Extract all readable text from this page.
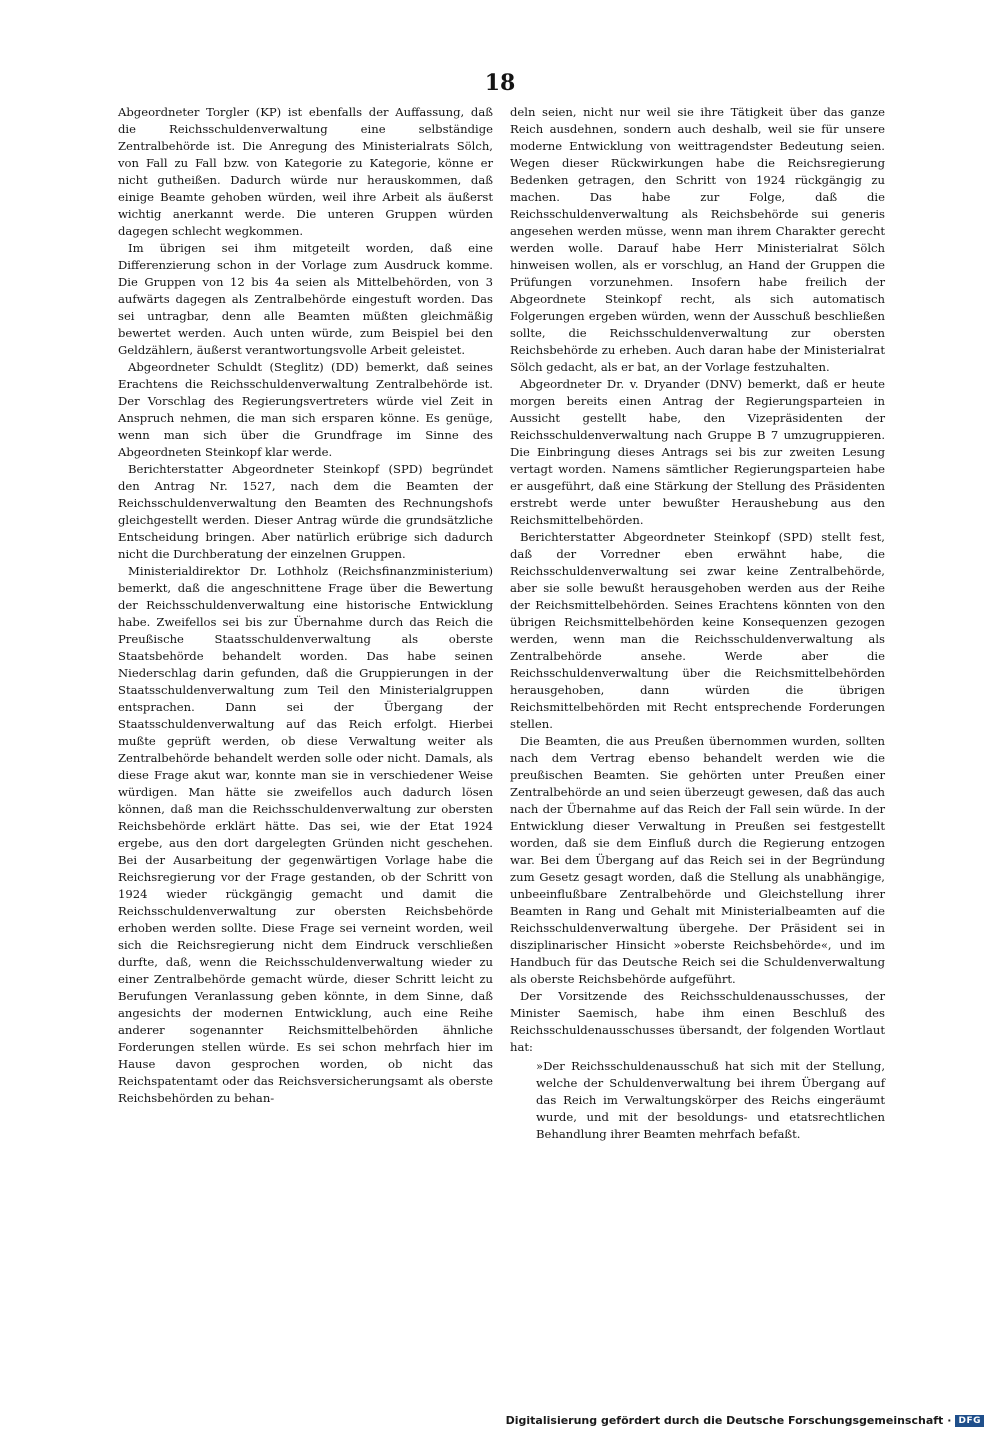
18

Abgeordneter Torgler (KP) ist ebenfalls der Auffassung, daß die Reichsschuldenverwaltung eine selbständige Zentralbehörde ist. Die Anregung des Ministerialrats Sölch, von Fall zu Fall bzw. von Kategorie zu Kategorie, könne er nicht gutheißen. Dadurch würde nur herauskommen, daß einige Beamte gehoben würden, weil ihre Arbeit als äußerst wichtig anerkannt werde. Die unteren Gruppen würden dagegen schlecht wegkommen.

Im übrigen sei ihm mitgeteilt worden, daß eine Differenzierung schon in der Vorlage zum Ausdruck komme. Die Gruppen von 12 bis 4a seien als Mittelbehörden, von 3 aufwärts dagegen als Zentralbehörde eingestuft worden. Das sei untragbar, denn alle Beamten müßten gleichmäßig bewertet werden. Auch unten würde, zum Beispiel bei den Geldzählern, äußerst verantwortungsvolle Arbeit geleistet.

Abgeordneter Schuldt (Steglitz) (DD) bemerkt, daß seines Erachtens die Reichsschuldenverwaltung Zentralbehörde ist. Der Vorschlag des Regierungsvertreters würde viel Zeit in Anspruch nehmen, die man sich ersparen könne. Es genüge, wenn man sich über die Grundfrage im Sinne des Abgeordneten Steinkopf klar werde.

Berichterstatter Abgeordneter Steinkopf (SPD) begründet den Antrag Nr. 1527, nach dem die Beamten der Reichsschuldenverwaltung den Beamten des Rechnungshofs gleichgestellt werden. Dieser Antrag würde die grundsätzliche Entscheidung bringen. Aber natürlich erübrige sich dadurch nicht die Durchberatung der einzelnen Gruppen.

Ministerialdirektor Dr. Lothholz (Reichsfinanzministerium) bemerkt, daß die angeschnittene Frage über die Bewertung der Reichsschuldenverwaltung eine historische Entwicklung habe. Zweifellos sei bis zur Übernahme durch das Reich die Preußische Staatsschuldenverwaltung als oberste Staatsbehörde behandelt worden. Das habe seinen Niederschlag darin gefunden, daß die Gruppierungen in der Staatsschuldenverwaltung zum Teil den Ministerialgruppen entsprachen. Dann sei der Übergang der Staatsschuldenverwaltung auf das Reich erfolgt. Hierbei mußte geprüft werden, ob diese Verwaltung weiter als Zentralbehörde behandelt werden solle oder nicht. Damals, als diese Frage akut war, konnte man sie in verschiedener Weise würdigen. Man hätte sie zweifellos auch dadurch lösen können, daß man die Reichsschuldenverwaltung zur obersten Reichsbehörde erklärt hätte. Das sei, wie der Etat 1924 ergebe, aus den dort dargelegten Gründen nicht geschehen. Bei der Ausarbeitung der gegenwärtigen Vorlage habe die Reichsregierung vor der Frage gestanden, ob der Schritt von 1924 wieder rückgängig gemacht und damit die Reichsschuldenverwaltung zur obersten Reichsbehörde erhoben werden sollte. Diese Frage sei verneint worden, weil sich die Reichsregierung nicht dem Eindruck verschließen durfte, daß, wenn die Reichsschuldenverwaltung wieder zu einer Zentralbehörde gemacht würde, dieser Schritt leicht zu Berufungen Veranlassung geben könnte, in dem Sinne, daß angesichts der modernen Entwicklung, auch eine Reihe anderer sogenannter Reichsmittelbehörden ähnliche Forderungen stellen würde. Es sei schon mehrfach hier im Hause davon gesprochen worden, ob nicht das Reichspatentamt oder das Reichsversicherungsamt als oberste Reichsbehörden zu behan-

deln seien, nicht nur weil sie ihre Tätigkeit über das ganze Reich ausdehnen, sondern auch deshalb, weil sie für unsere moderne Entwicklung von weittragendster Bedeutung seien. Wegen dieser Rückwirkungen habe die Reichsregierung Bedenken getragen, den Schritt von 1924 rückgängig zu machen. Das habe zur Folge, daß die Reichsschuldenverwaltung als Reichsbehörde sui generis angesehen werden müsse, wenn man ihrem Charakter gerecht werden wolle. Darauf habe Herr Ministerialrat Sölch hinweisen wollen, als er vorschlug, an Hand der Gruppen die Prüfungen vorzunehmen. Insofern habe freilich der Abgeordnete Steinkopf recht, als sich automatisch Folgerungen ergeben würden, wenn der Ausschuß beschließen sollte, die Reichsschuldenverwaltung zur obersten Reichsbehörde zu erheben. Auch daran habe der Ministerialrat Sölch gedacht, als er bat, an der Vorlage festzuhalten.

Abgeordneter Dr. v. Dryander (DNV) bemerkt, daß er heute morgen bereits einen Antrag der Regierungsparteien in Aussicht gestellt habe, den Vizepräsidenten der Reichsschuldenverwaltung nach Gruppe B 7 umzugruppieren. Die Einbringung dieses Antrags sei bis zur zweiten Lesung vertagt worden. Namens sämtlicher Regierungsparteien habe er ausgeführt, daß eine Stärkung der Stellung des Präsidenten erstrebt werde unter bewußter Heraushebung aus den Reichsmittelbehörden.

Berichterstatter Abgeordneter Steinkopf (SPD) stellt fest, daß der Vorredner eben erwähnt habe, die Reichsschuldenverwaltung sei zwar keine Zentralbehörde, aber sie solle bewußt herausgehoben werden aus der Reihe der Reichsmittelbehörden. Seines Erachtens könnten von den übrigen Reichsmittelbehörden keine Konsequenzen gezogen werden, wenn man die Reichsschuldenverwaltung als Zentralbehörde ansehe. Werde aber die Reichsschuldenverwaltung über die Reichsmittelbehörden herausgehoben, dann würden die übrigen Reichsmittelbehörden mit Recht entsprechende Forderungen stellen.

Die Beamten, die aus Preußen übernommen wurden, sollten nach dem Vertrag ebenso behandelt werden wie die preußischen Beamten. Sie gehörten unter Preußen einer Zentralbehörde an und seien überzeugt gewesen, daß das auch nach der Übernahme auf das Reich der Fall sein würde. In der Entwicklung dieser Verwaltung in Preußen sei festgestellt worden, daß sie dem Einfluß durch die Regierung entzogen war. Bei dem Übergang auf das Reich sei in der Begründung zum Gesetz gesagt worden, daß die Stellung als unabhängige, unbeeinflußbare Zentralbehörde und Gleichstellung ihrer Beamten in Rang und Gehalt mit Ministerialbeamten auf die Reichsschuldenverwaltung übergehe. Der Präsident sei in disziplinarischer Hinsicht »oberste Reichsbehörde«, und im Handbuch für das Deutsche Reich sei die Schuldenverwaltung als oberste Reichsbehörde aufgeführt.

Der Vorsitzende des Reichsschuldenausschusses, der Minister Saemisch, habe ihm einen Beschluß des Reichsschuldenausschusses übersandt, der folgenden Wortlaut hat:

»Der Reichsschuldenausschuß hat sich mit der Stellung, welche der Schuldenverwaltung bei ihrem Übergang auf das Reich im Verwaltungskörper des Reichs eingeräumt wurde, und mit der besoldungs- und etatsrechtlichen Behandlung ihrer Beamten mehrfach befaßt.

Digitalisierung gefördert durch die Deutsche Forschungsgemeinschaft · DFG
